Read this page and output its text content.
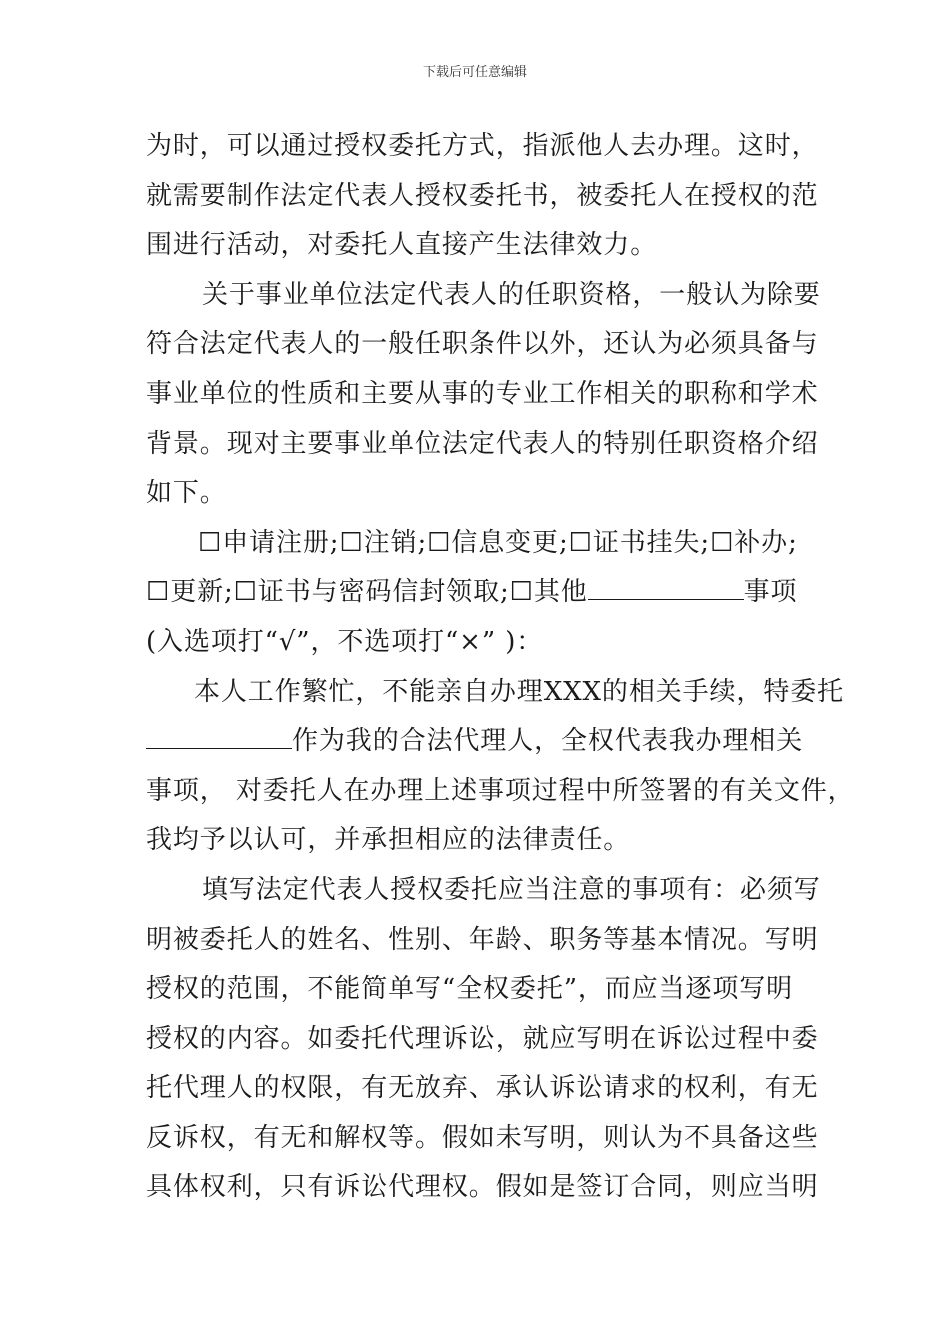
下载后可任意编辑
为时，可以通过授权委托方式，指派他人去办理。这时，
就需要制作法定代表人授权委托书，被委托人在授权的范
围进行活动，对委托人直接产生法律效力。
关于事业单位法定代表人的任职资格，一般认为除要
符合法定代表人的一般任职条件以外，还认为必须具备与
事业单位的性质和主要从事的专业工作相关的职称和学术
背景。现对主要事业单位法定代表人的特别任职资格介绍
如下。
☐申请注册;☐注销;☐信息变更;☐证书挂失;☐补办;
☐更新;☐证书与密码信封领取;☐其他	事项
(入选项打“√”，不选项打“×” )：
本人工作繁忙，不能亲自办理XXX的相关手续，特委托
作为我的合法代理人，全权代表我办理相关
事项， 对委托人在办理上述事项过程中所签署的有关文件，
我均予以认可，并承担相应的法律责任。
填写法定代表人授权委托应当注意的事项有：必须写
明被委托人的姓名、性别、年龄、职务等基本情况。写明
授权的范围，不能简单写“全权委托”，而应当逐项写明
授权的内容。如委托代理诉讼，就应写明在诉讼过程中委
托代理人的权限，有无放弃、承认诉讼请求的权利，有无
反诉权，有无和解权等。假如未写明，则认为不具备这些
具体权利，只有诉讼代理权。假如是签订合同，则应当明
